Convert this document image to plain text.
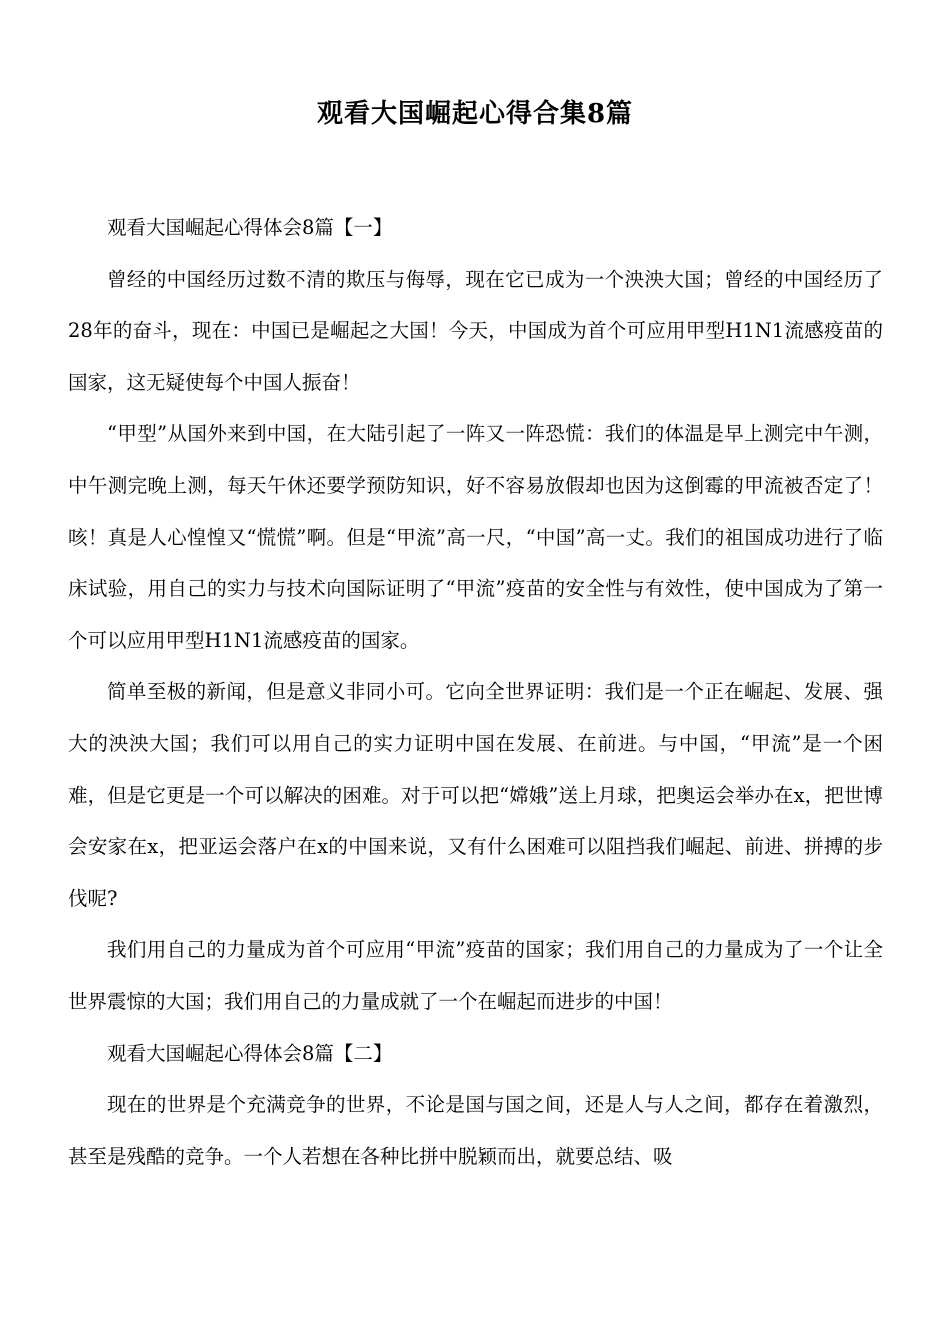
观看大国崛起心得合集8篇

观看大国崛起心得体会8篇【一】

曾经的中国经历过数不清的欺压与侮辱，现在它已成为一个泱泱大国；曾经的中国经历了28年的奋斗，现在：中国已是崛起之大国！今天，中国成为首个可应用甲型H1N1流感疫苗的国家，这无疑使每个中国人振奋！

“甲型”从国外来到中国，在大陆引起了一阵又一阵恐慌：我们的体温是早上测完中午测，中午测完晚上测，每天午休还要学预防知识，好不容易放假却也因为这倒霉的甲流被否定了！咳！真是人心惶惶又“慌慌”啊。但是“甲流”高一尺，“中国”高一丈。我们的祖国成功进行了临床试验，用自己的实力与技术向国际证明了“甲流”疫苗的安全性与有效性，使中国成为了第一个可以应用甲型H1N1流感疫苗的国家。

简单至极的新闻，但是意义非同小可。它向全世界证明：我们是一个正在崛起、发展、强大的泱泱大国；我们可以用自己的实力证明中国在发展、在前进。与中国，“甲流”是一个困难，但是它更是一个可以解决的困难。对于可以把“嫦娥”送上月球，把奥运会举办在x，把世博会安家在x，把亚运会落户在x的中国来说，又有什么困难可以阻挡我们崛起、前进、拼搏的步伐呢?

我们用自己的力量成为首个可应用“甲流”疫苗的国家；我们用自己的力量成为了一个让全世界震惊的大国；我们用自己的力量成就了一个在崛起而进步的中国！

观看大国崛起心得体会8篇【二】

现在的世界是个充满竞争的世界，不论是国与国之间，还是人与人之间，都存在着激烈，甚至是残酷的竞争。一个人若想在各种比拼中脱颖而出，就要总结、吸
